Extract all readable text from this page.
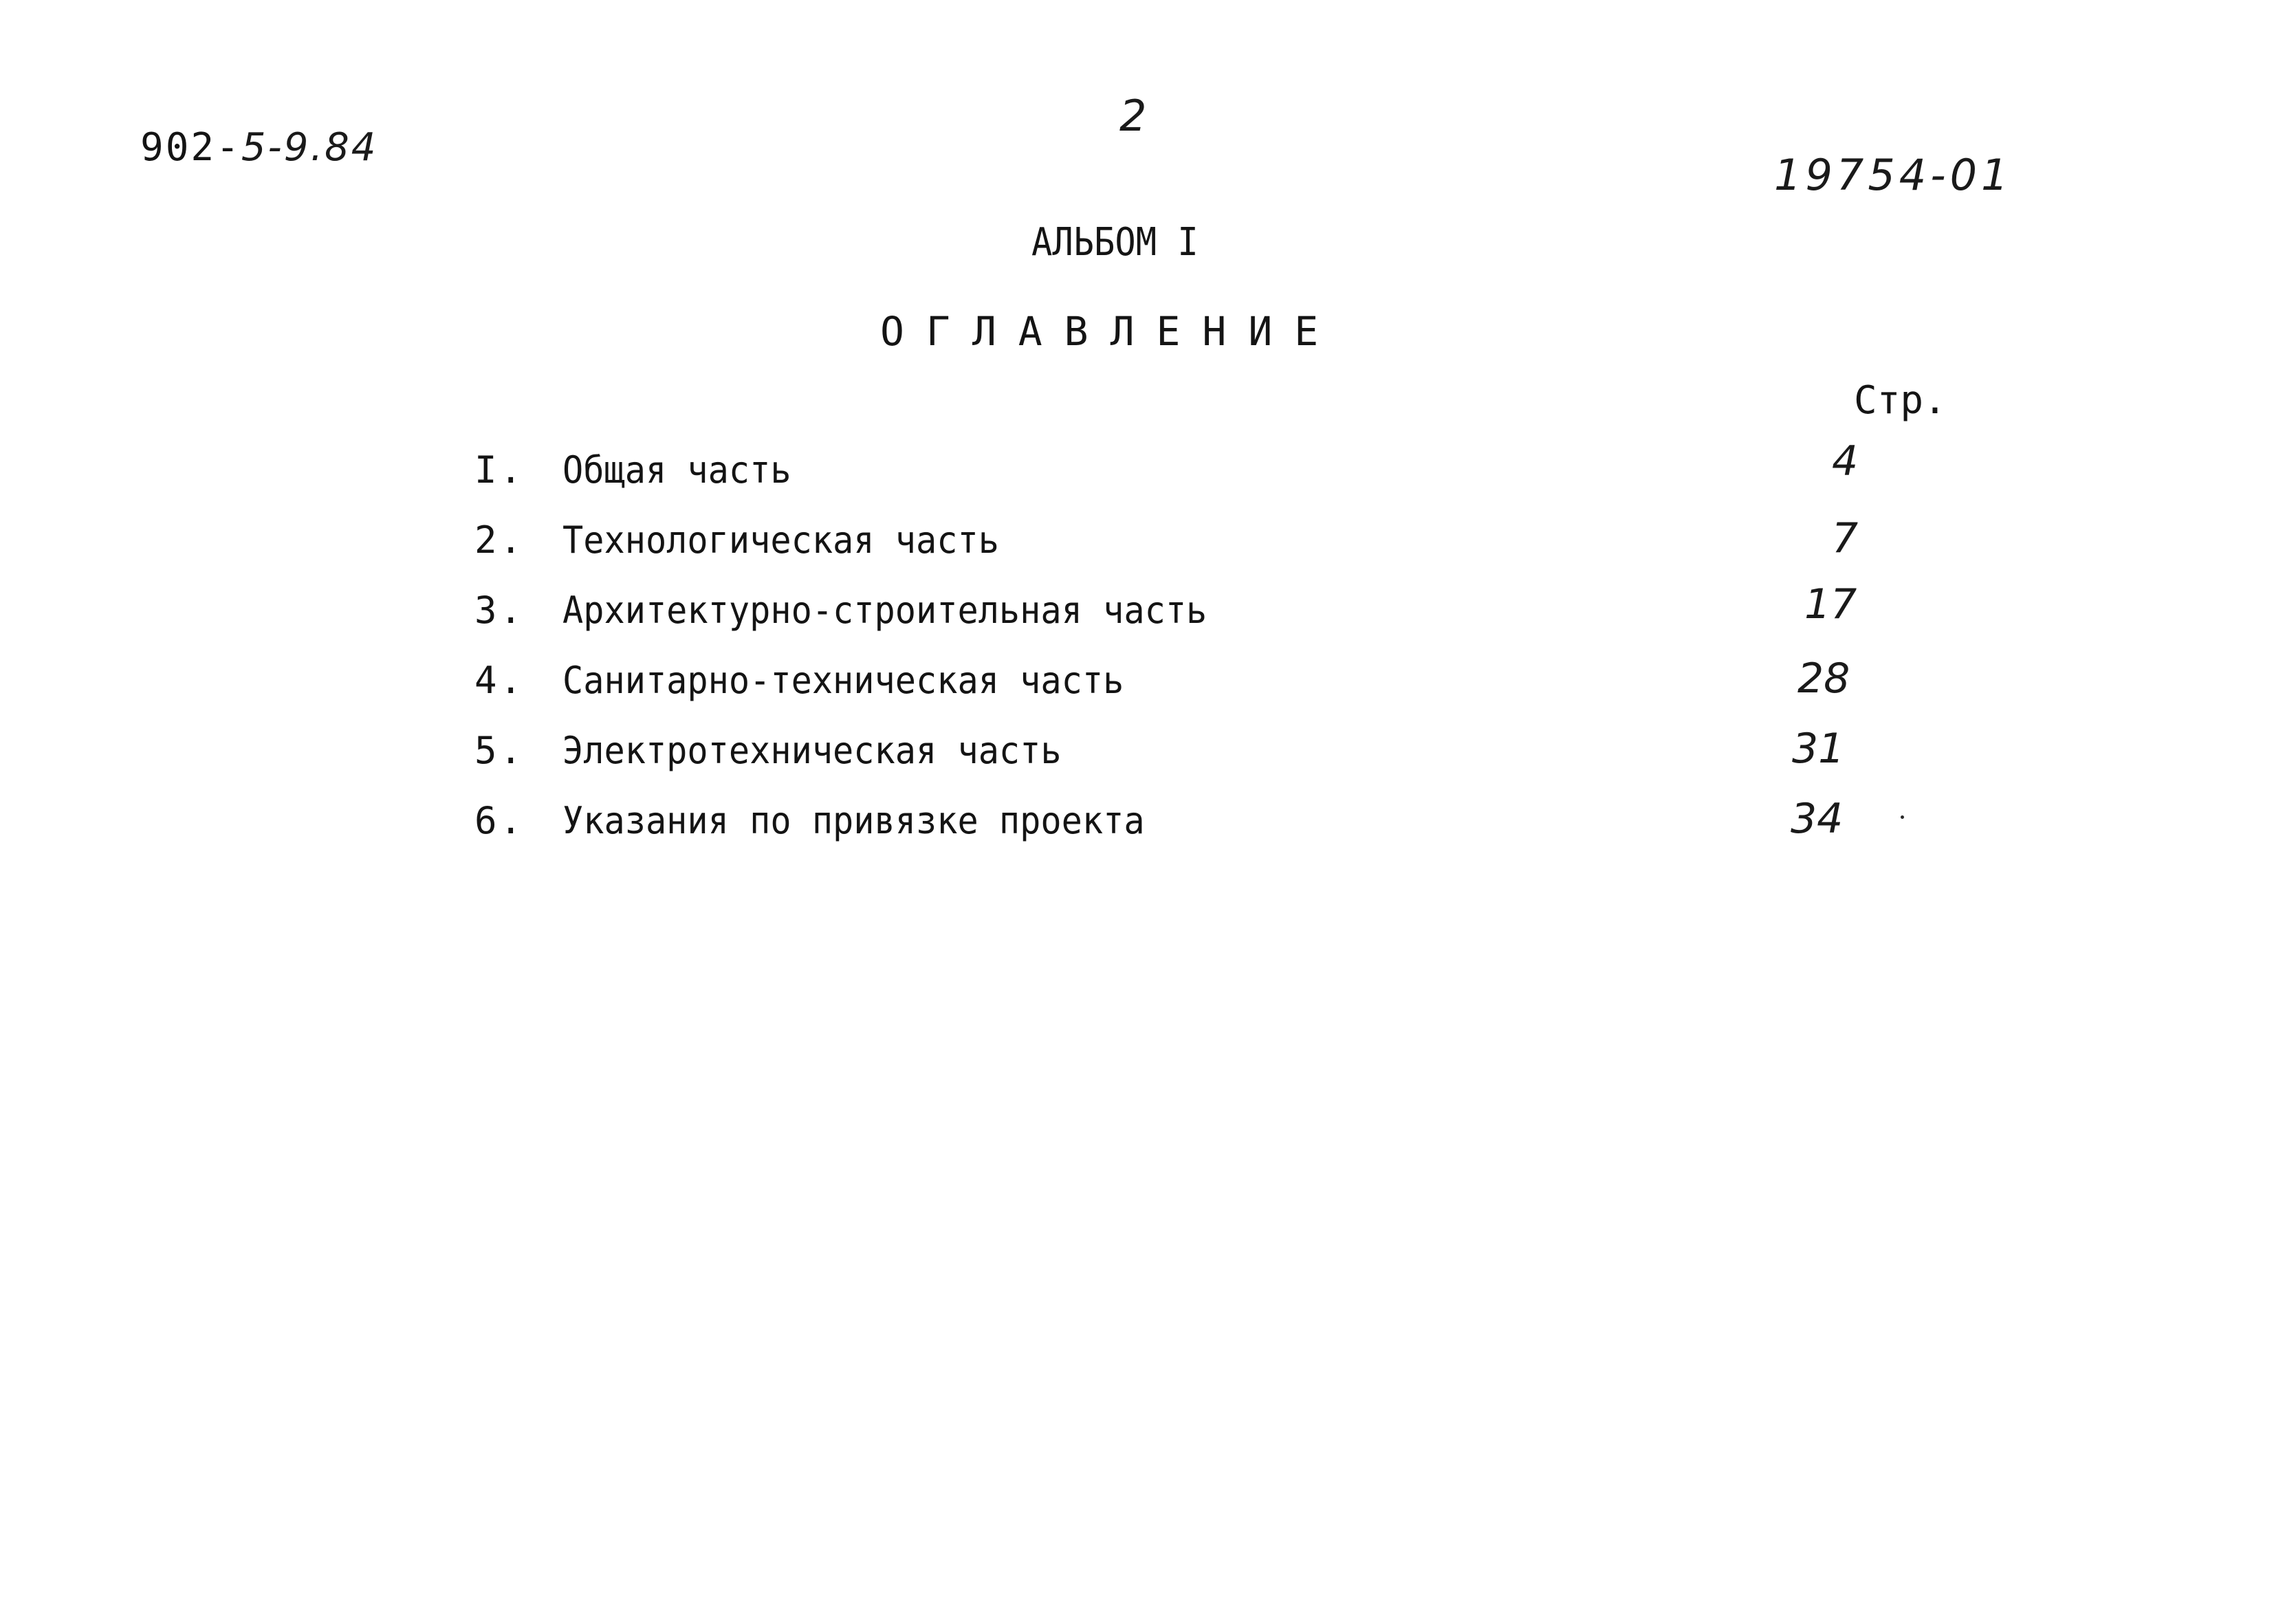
902-5-9.84
2
19754-01
АЛЬБОМ I
ОГЛАВЛЕНИЕ
Стр.
I. Общая часть	4
2. Технологическая часть	7
3. Архитектурно-строительная часть	17
4. Санитарно-техническая часть	28
5. Электротехническая часть	31
6. Указания по привязке проекта	34
